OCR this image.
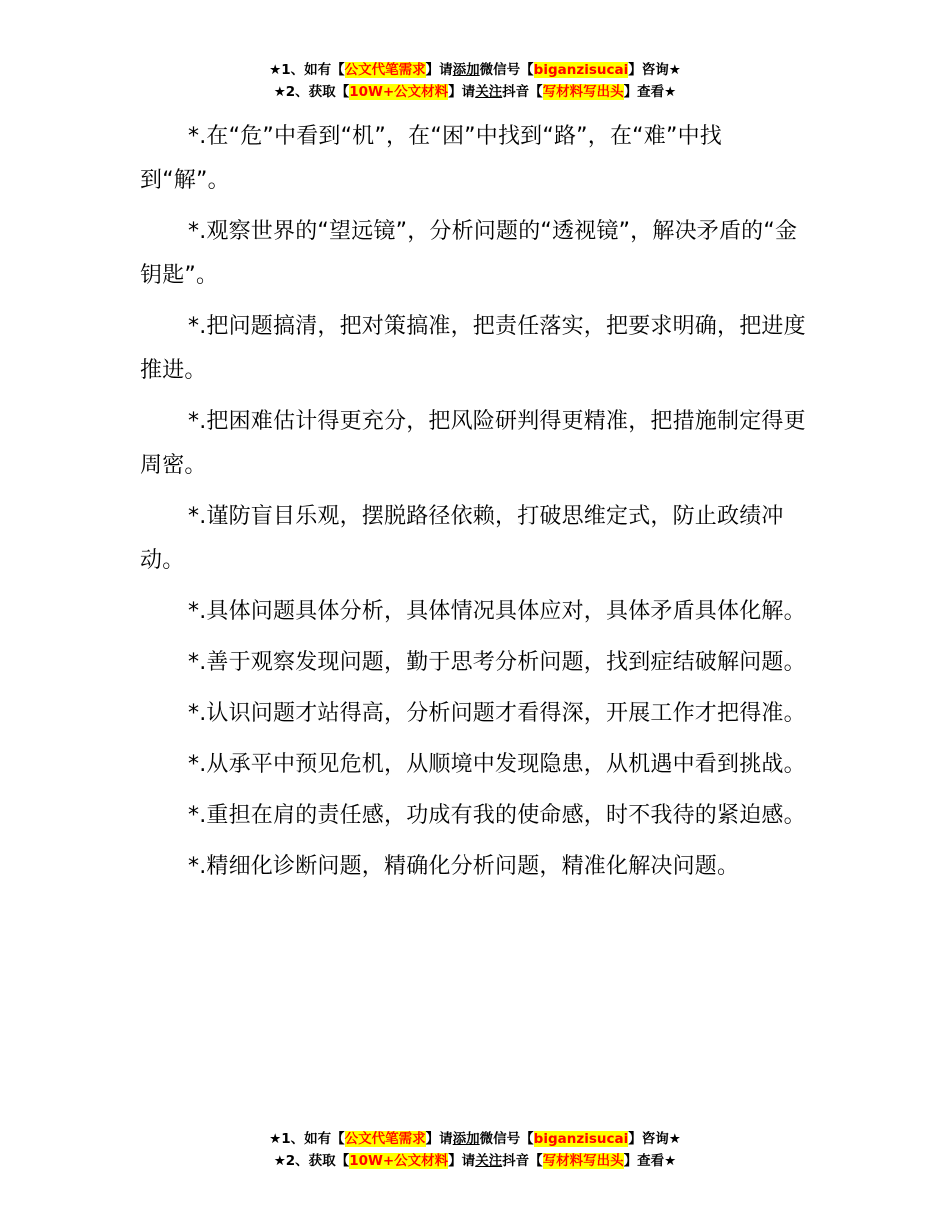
★1、如有【公文代笔需求】请添加微信号【biganzisucai】咨询★
★2、获取【10W+公文材料】请关注抖音【写材料写出头】查看★

*.在“危”中看到“机”，在“困”中找到“路”，在“难”中找到“解”。

*.观察世界的“望远镜”，分析问题的“透视镜”，解决矛盾的“金钥匙”。

*.把问题搞清，把对策搞准，把责任落实，把要求明确，把进度推进。

*.把困难估计得更充分，把风险研判得更精准，把措施制定得更周密。

*.谨防盲目乐观，摆脱路径依赖，打破思维定式，防止政绩冲动。

*.具体问题具体分析，具体情况具体应对，具体矛盾具体化解。

*.善于观察发现问题，勤于思考分析问题，找到症结破解问题。

*.认识问题才站得高，分析问题才看得深，开展工作才把得准。

*.从承平中预见危机，从顺境中发现隐患，从机遇中看到挑战。

*.重担在肩的责任感，功成有我的使命感，时不我待的紧迫感。

*.精细化诊断问题，精确化分析问题，精准化解决问题。

★1、如有【公文代笔需求】请添加微信号【biganzisucai】咨询★
★2、获取【10W+公文材料】请关注抖音【写材料写出头】查看★
